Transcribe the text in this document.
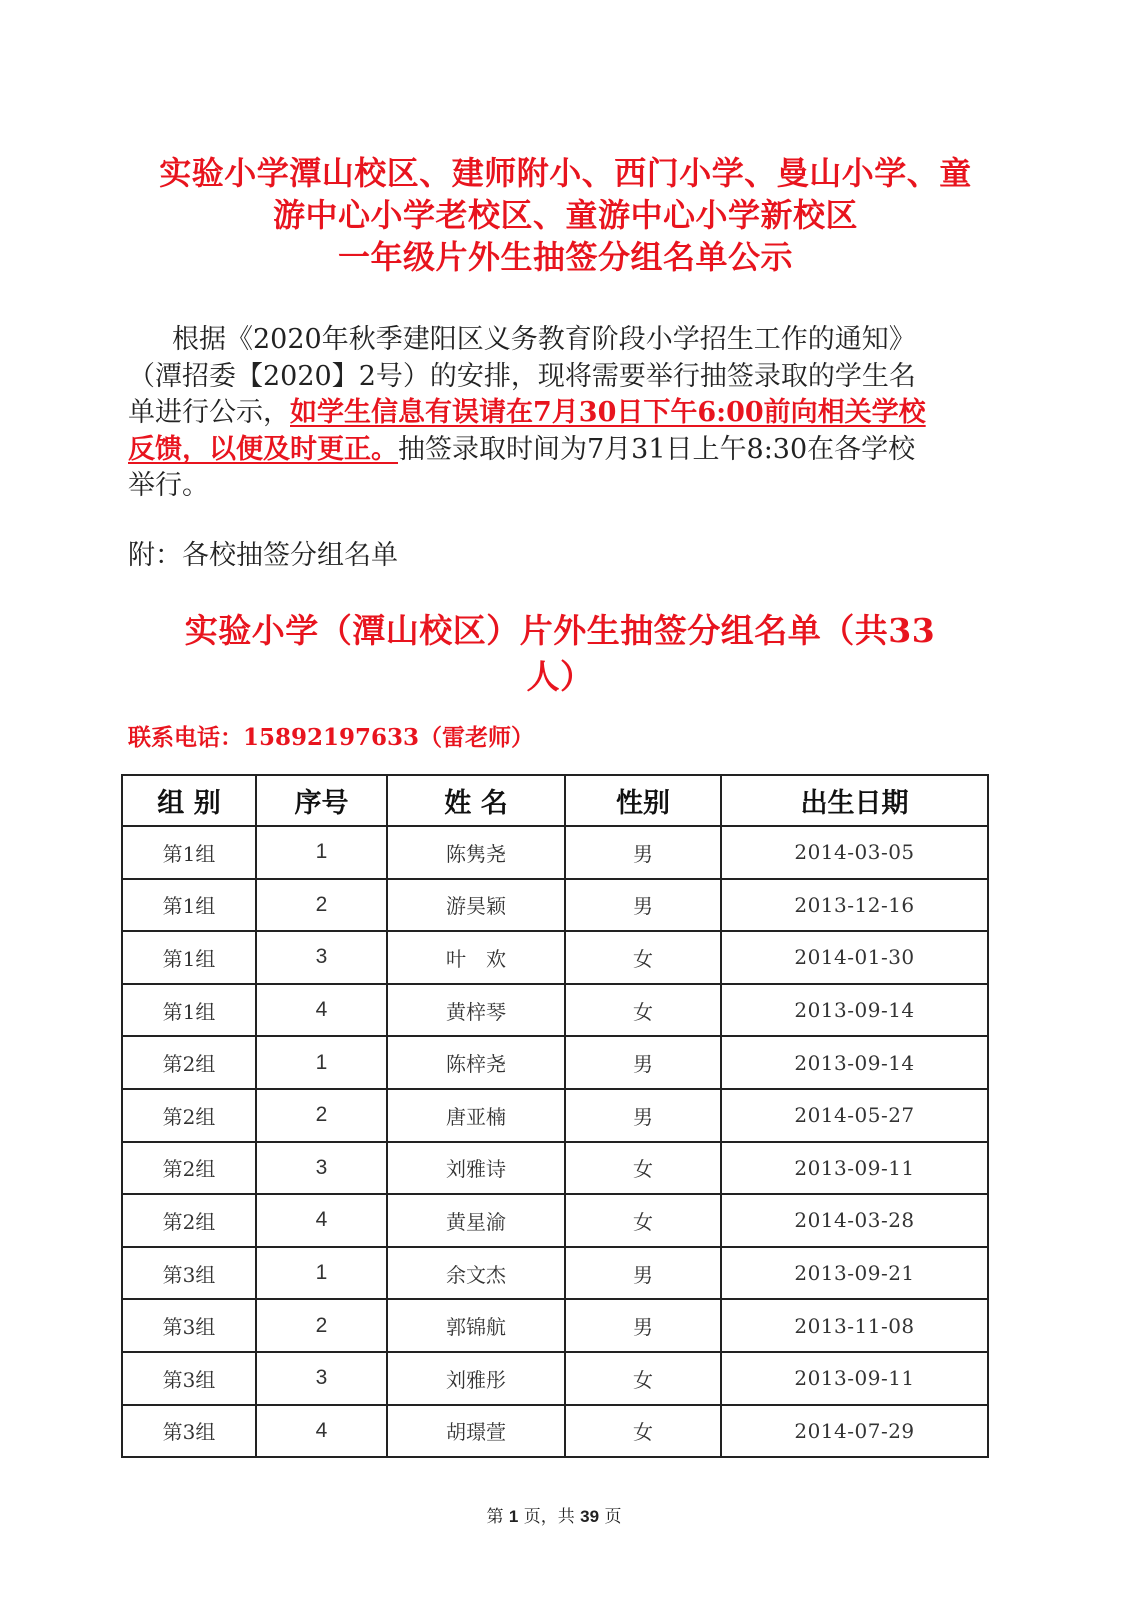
实验小学潭山校区、建师附小、西门小学、曼山小学、童
游中心小学老校区、童游中心小学新校区
一年级片外生抽签分组名单公示
根据《2020年秋季建阳区义务教育阶段小学招生工作的通知》
（潭招委【2020】2号）的安排，现将需要举行抽签录取的学生名
单进行公示，如学生信息有误请在7月30日下午6:00前向相关学校
反馈，以便及时更正。抽签录取时间为7月31日上午8:30在各学校
举行。
附：各校抽签分组名单
实验小学（潭山校区）片外生抽签分组名单（共33
人）
联系电话：15892197633（雷老师）
组 别	序号	姓 名	性别	出生日期
第1组	1	陈隽尧	男	2014-03-05
第1组	2	游昊颖	男	2013-12-16
第1组	3	叶　欢	女	2014-01-30
第1组	4	黄梓琴	女	2013-09-14
第2组	1	陈梓尧	男	2013-09-14
第2组	2	唐亚楠	男	2014-05-27
第2组	3	刘雅诗	女	2013-09-11
第2组	4	黄星渝	女	2014-03-28
第3组	1	余文杰	男	2013-09-21
第3组	2	郭锦航	男	2013-11-08
第3组	3	刘雅彤	女	2013-09-11
第3组	4	胡璟萱	女	2014-07-29
第 1 页，共 39 页
